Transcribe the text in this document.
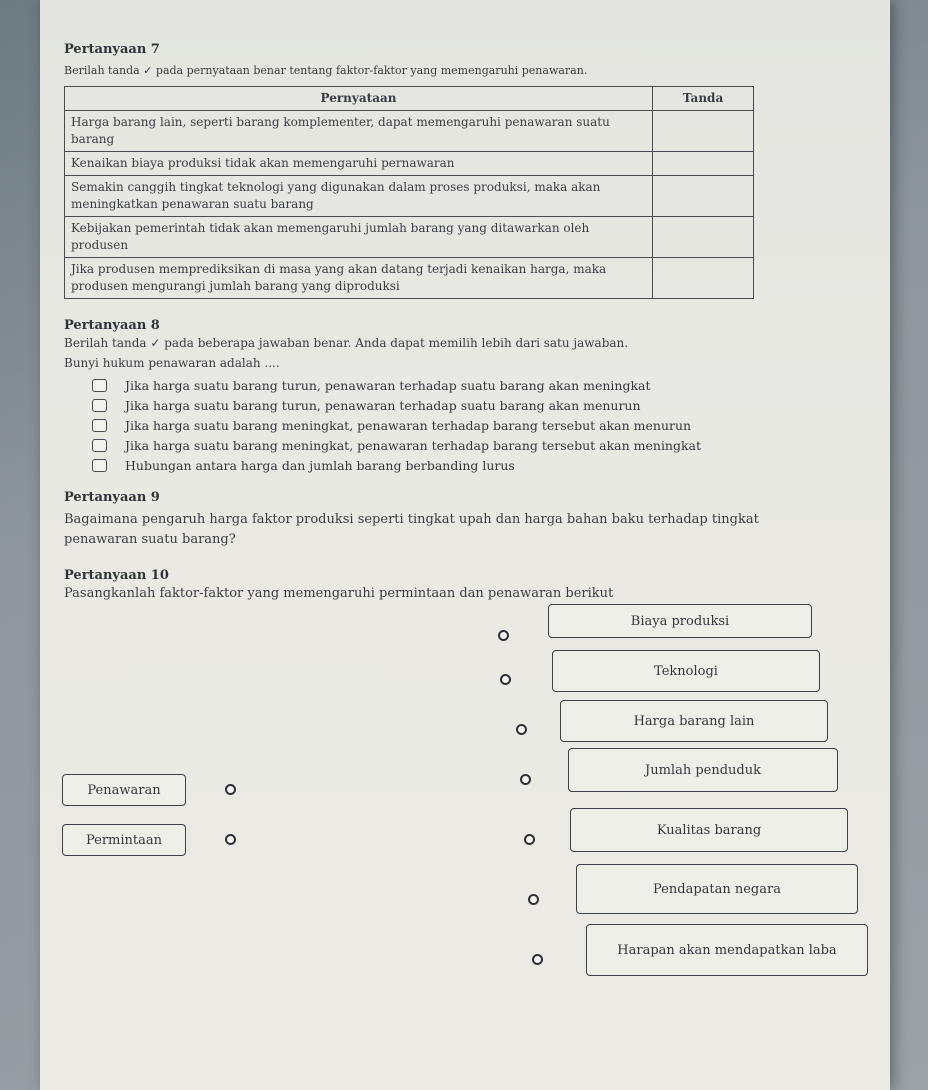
Pertanyaan 7
Berilah tanda ✓ pada pernyataan benar tentang faktor-faktor yang memengaruhi penawaran.
Pernyataan	Tanda
Harga barang lain, seperti barang komplementer, dapat memengaruhi penawaran suatu barang	
Kenaikan biaya produksi tidak akan memengaruhi pernawaran	
Semakin canggih tingkat teknologi yang digunakan dalam proses produksi, maka akan meningkatkan penawaran suatu barang	
Kebijakan pemerintah tidak akan memengaruhi jumlah barang yang ditawarkan oleh produsen	
Jika produsen memprediksikan di masa yang akan datang terjadi kenaikan harga, maka produsen mengurangi jumlah barang yang diproduksi	
Pertanyaan 8
Berilah tanda ✓ pada beberapa jawaban benar. Anda dapat memilih lebih dari satu jawaban.
Bunyi hukum penawaran adalah ....
Jika harga suatu barang turun, penawaran terhadap suatu barang akan meningkat
Jika harga suatu barang turun, penawaran terhadap suatu barang akan menurun
Jika harga suatu barang meningkat, penawaran terhadap barang tersebut akan menurun
Jika harga suatu barang meningkat, penawaran terhadap barang tersebut akan meningkat
Hubungan antara harga dan jumlah barang berbanding lurus
Pertanyaan 9
Bagaimana pengaruh harga faktor produksi seperti tingkat upah dan harga bahan baku terhadap tingkat penawaran suatu barang?
Pertanyaan 10
Pasangkanlah faktor-faktor yang memengaruhi permintaan dan penawaran berikut
Penawaran
Permintaan
Biaya produksi
Teknologi
Harga barang lain
Jumlah penduduk
Kualitas barang
Pendapatan negara
Harapan akan mendapatkan laba
